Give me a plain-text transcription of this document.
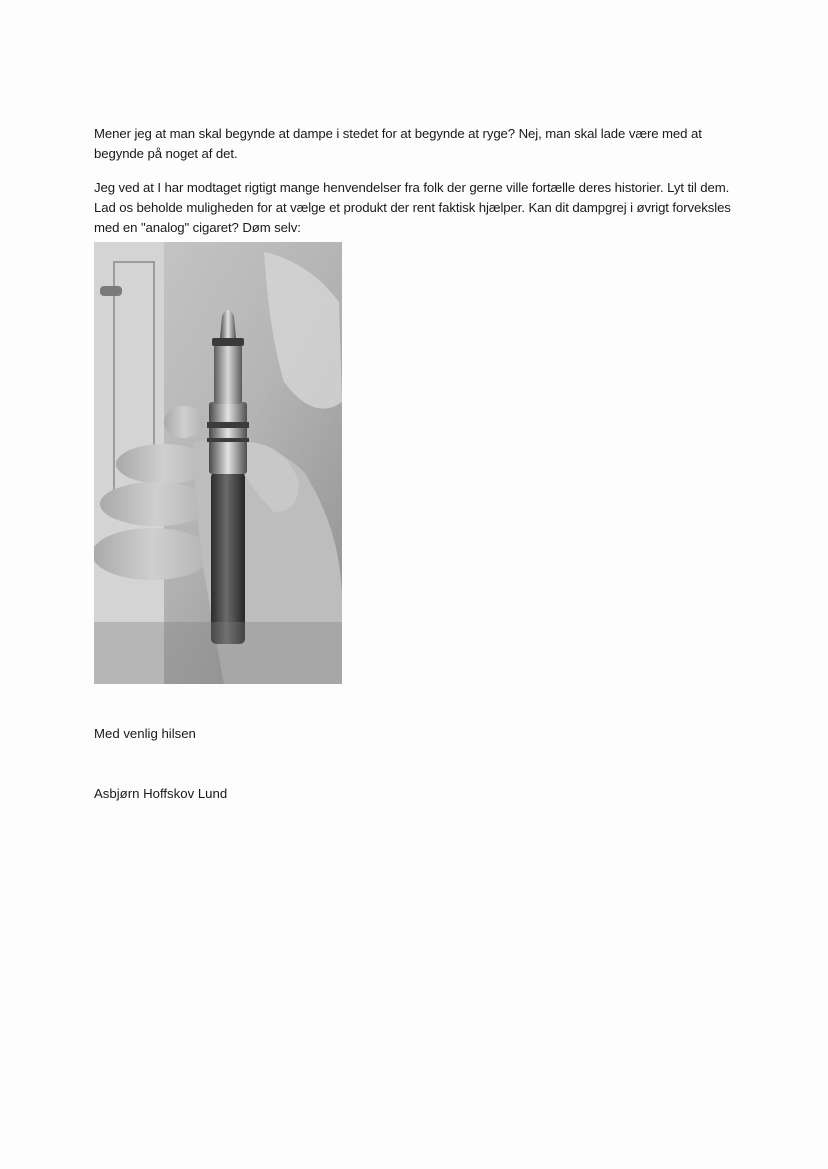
Mener jeg at man skal begynde at dampe i stedet for at begynde at ryge? Nej, man skal lade være med at begynde på noget af det.

Jeg ved at I har modtaget rigtigt mange henvendelser fra folk der gerne ville fortælle deres historier. Lyt til dem. Lad os beholde muligheden for at vælge et produkt der rent faktisk hjælper. Kan dit dampgrej i øvrigt forveksles med en "analog" cigaret? Døm selv:

Med venlig hilsen

Asbjørn Hoffskov Lund
